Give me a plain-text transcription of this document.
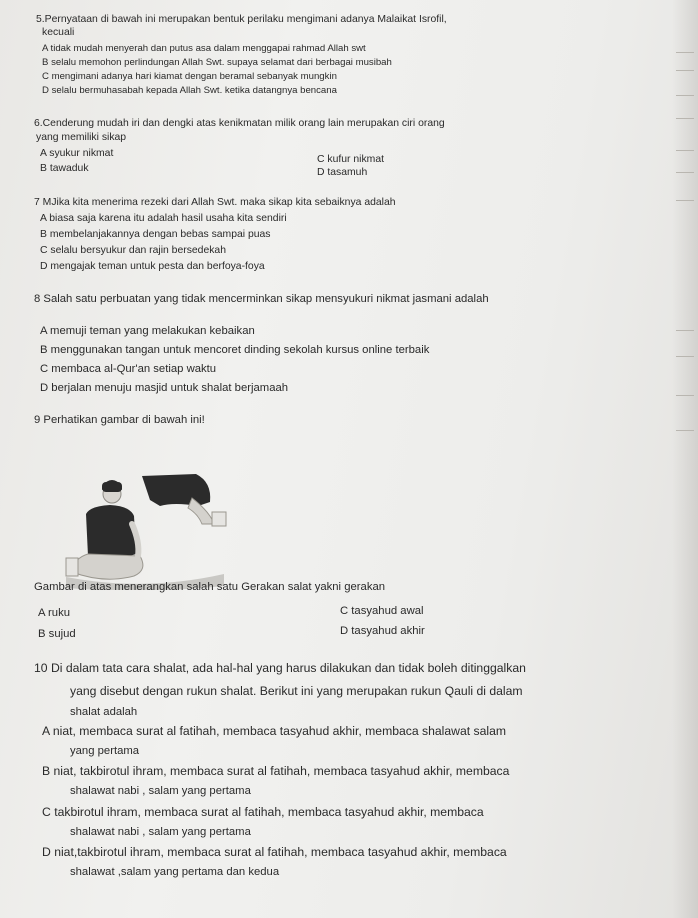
5.Pernyataan di bawah ini merupakan bentuk perilaku mengimani adanya Malaikat Isrofil,
kecuali
A tidak mudah menyerah dan putus asa dalam menggapai rahmad Allah swt
B selalu memohon perlindungan Allah Swt. supaya selamat dari berbagai musibah
C mengimani adanya hari kiamat dengan beramal sebanyak mungkin
D selalu bermuhasabah kepada Allah Swt. ketika datangnya bencana
6.Cenderung mudah iri dan dengki atas kenikmatan milik orang lain merupakan ciri orang
yang memiliki sikap
A syukur nikmat
B tawaduk
C kufur nikmat
D tasamuh
7 MJika kita menerima rezeki dari Allah Swt. maka sikap kita sebaiknya adalah
A biasa saja karena itu adalah hasil usaha kita sendiri
B membelanjakannya dengan bebas sampai puas
C selalu bersyukur dan rajin bersedekah
D mengajak teman untuk pesta dan berfoya-foya
8 Salah satu perbuatan yang tidak mencerminkan sikap mensyukuri nikmat jasmani adalah
A memuji teman yang melakukan kebaikan
B menggunakan tangan untuk mencoret dinding sekolah kursus online terbaik
C membaca al-Qur'an setiap waktu
D berjalan menuju masjid untuk shalat berjamaah
9 Perhatikan gambar di bawah ini!
Gambar di atas menerangkan salah satu Gerakan salat yakni gerakan
A ruku
B sujud
C tasyahud awal
D tasyahud akhir
10 Di dalam tata cara shalat, ada hal-hal yang harus dilakukan dan tidak boleh ditinggalkan
yang disebut dengan rukun shalat. Berikut ini yang merupakan rukun Qauli di dalam
shalat adalah
A niat, membaca surat al fatihah, membaca tasyahud akhir, membaca shalawat salam
yang pertama
B niat, takbirotul ihram, membaca surat al fatihah, membaca tasyahud akhir, membaca
shalawat nabi , salam yang pertama
C takbirotul ihram, membaca surat al fatihah, membaca tasyahud akhir, membaca
shalawat nabi , salam yang pertama
D niat,takbirotul ihram, membaca surat al fatihah, membaca tasyahud akhir, membaca
shalawat ,salam yang pertama dan kedua
